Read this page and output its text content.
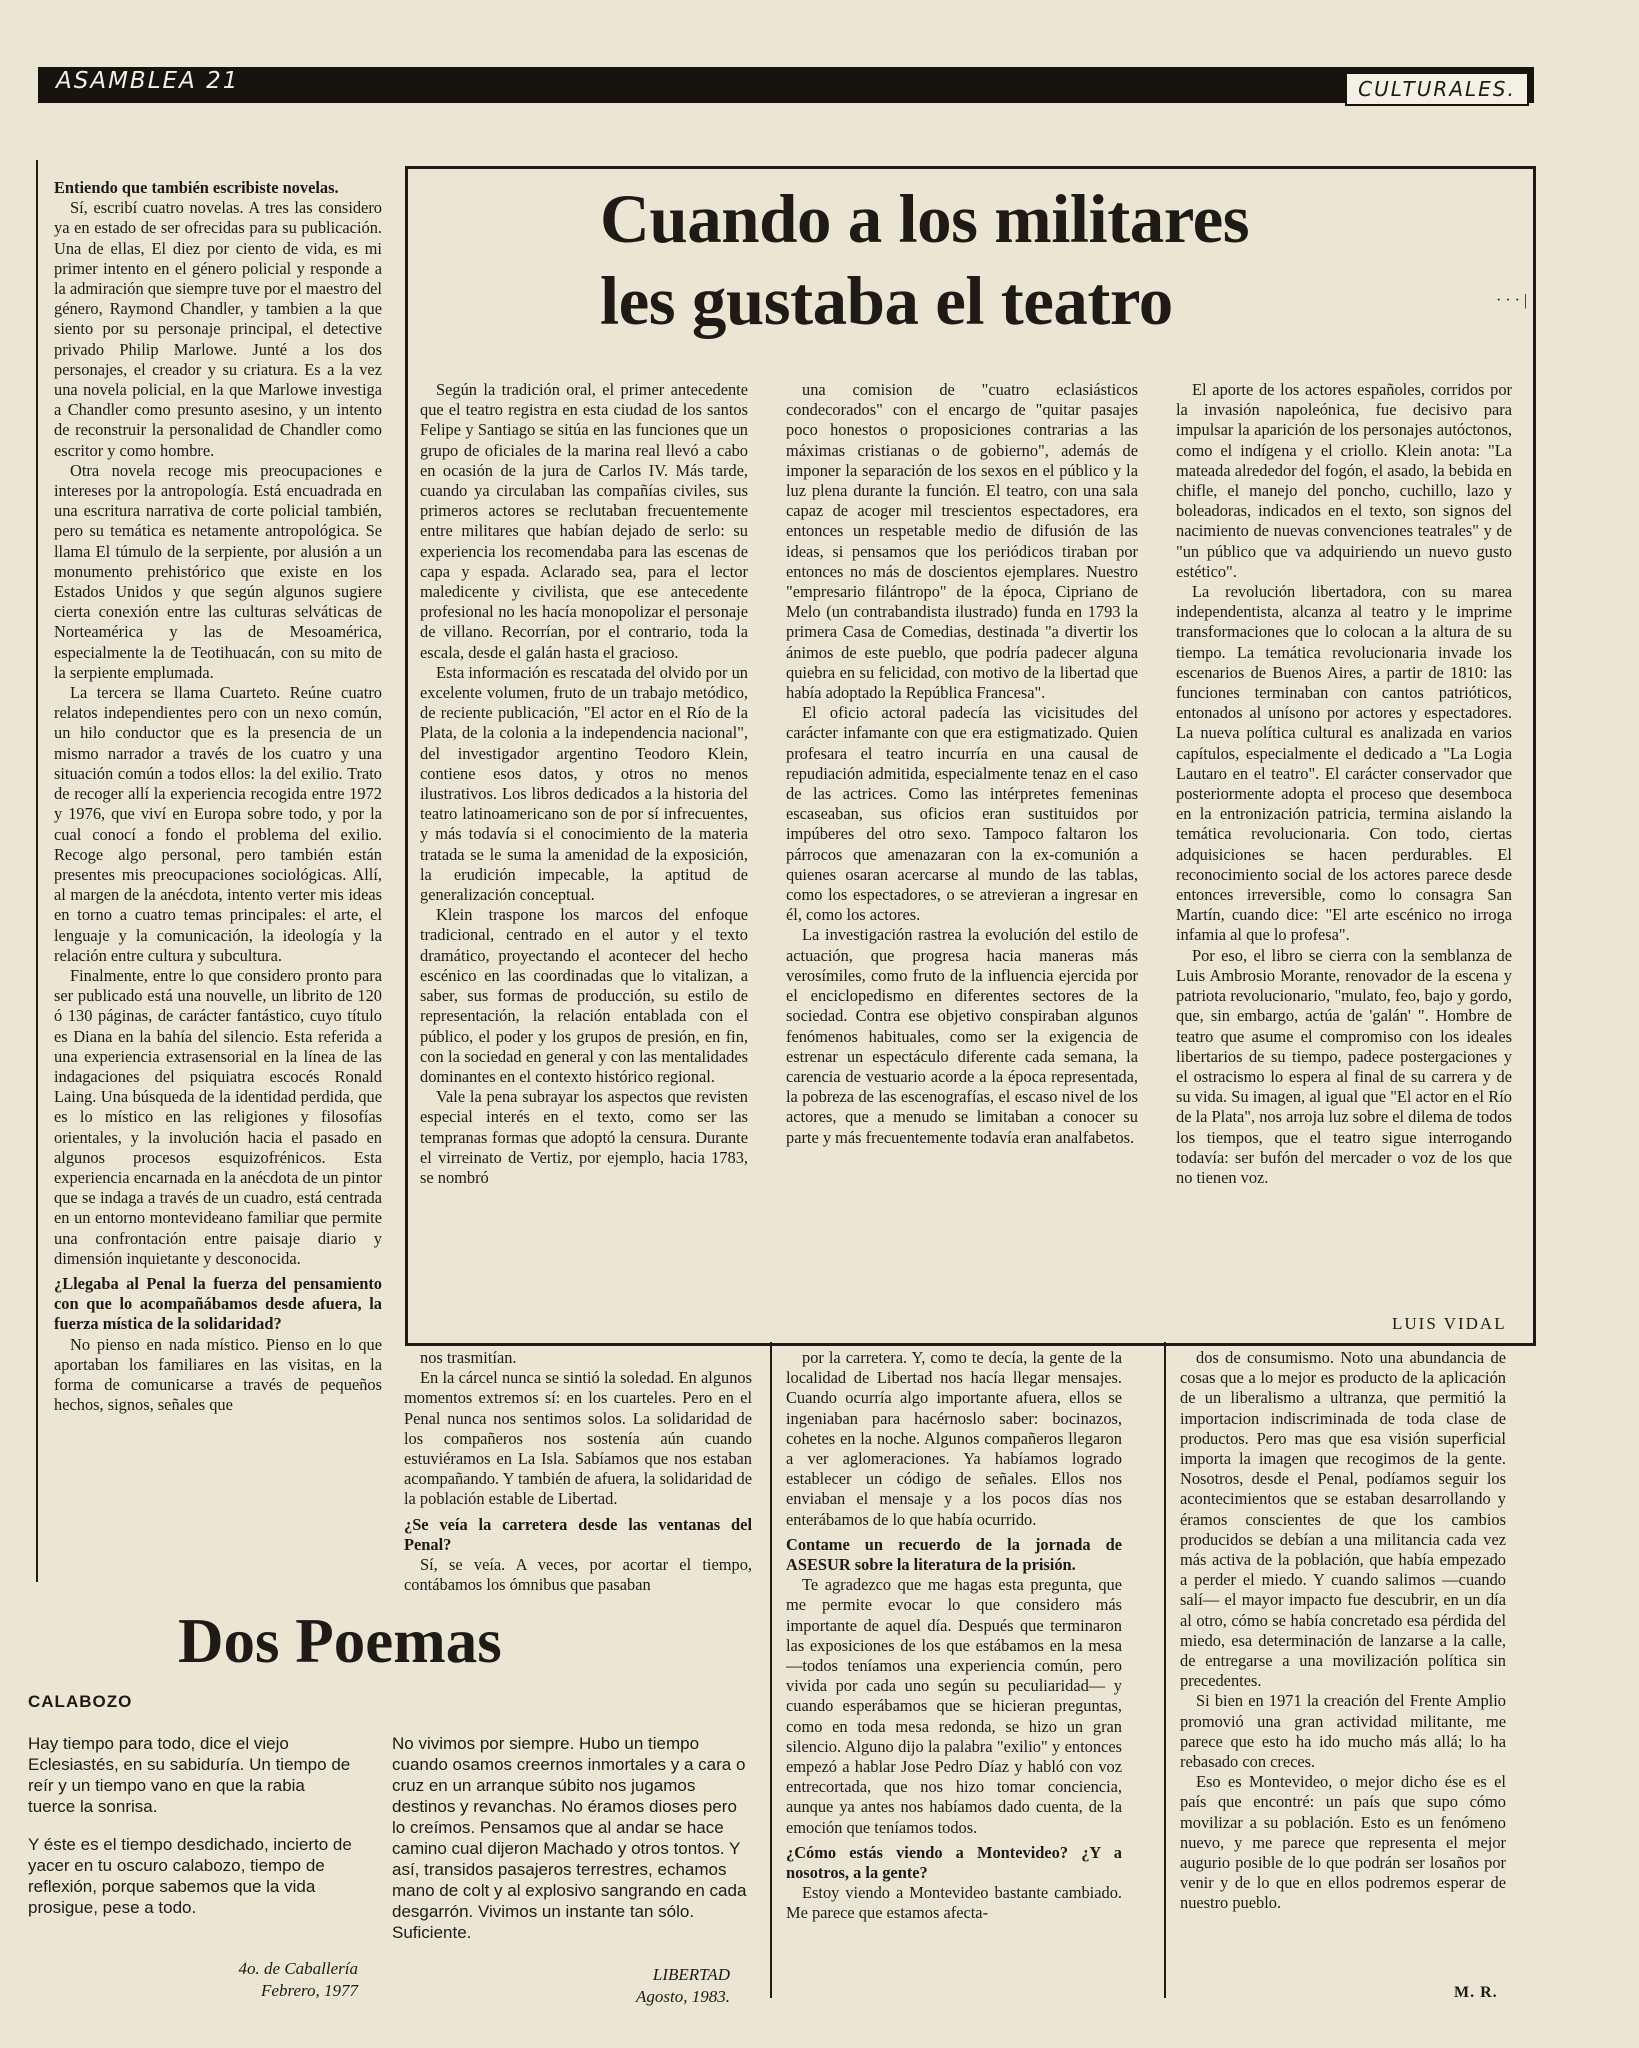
ASAMBLEA 21	CULTURALES.

Entiendo que también escribiste novelas.

Sí, escribí cuatro novelas. A tres las considero ya en estado de ser ofrecidas para su publicación. Una de ellas, El diez por ciento de vida, es mi primer intento en el género policial y responde a la admiración que siempre tuve por el maestro del género, Raymond Chandler, y tambien a la que siento por su personaje principal, el detective privado Philip Marlowe. Junté a los dos personajes, el creador y su criatura. Es a la vez una novela policial, en la que Marlowe investiga a Chandler como presunto asesino, y un intento de reconstruir la personalidad de Chandler como escritor y como hombre.

Otra novela recoge mis preocupaciones e intereses por la antropología. Está encuadrada en una escritura narrativa de corte policial también, pero su temática es netamente antropológica. Se llama El túmulo de la serpiente, por alusión a un monumento prehistórico que existe en los Estados Unidos y que según algunos sugiere cierta conexión entre las culturas selváticas de Norteamérica y las de Mesoamérica, especialmente la de Teotihuacán, con su mito de la serpiente emplumada.

La tercera se llama Cuarteto. Reúne cuatro relatos independientes pero con un nexo común, un hilo conductor que es la presencia de un mismo narrador a través de los cuatro y una situación común a todos ellos: la del exilio. Trato de recoger allí la experiencia recogida entre 1972 y 1976, que viví en Europa sobre todo, y por la cual conocí a fondo el problema del exilio. Recoge algo personal, pero también están presentes mis preocupaciones sociológicas. Allí, al margen de la anécdota, intento verter mis ideas en torno a cuatro temas principales: el arte, el lenguaje y la comunicación, la ideología y la relación entre cultura y subcultura.

Finalmente, entre lo que considero pronto para ser publicado está una nouvelle, un librito de 120 ó 130 páginas, de carácter fantástico, cuyo título es Diana en la bahía del silencio. Esta referida a una experiencia extrasensorial en la línea de las indagaciones del psiquiatra escocés Ronald Laing. Una búsqueda de la identidad perdida, que es lo místico en las religiones y filosofías orientales, y la involución hacia el pasado en algunos procesos esquizofrénicos. Esta experiencia encarnada en la anécdota de un pintor que se indaga a través de un cuadro, está centrada en un entorno montevideano familiar que permite una confrontación entre paisaje diario y dimensión inquietante y desconocida.

¿Llegaba al Penal la fuerza del pensamiento con que lo acompañábamos desde afuera, la fuerza mística de la solidaridad?

No pienso en nada místico. Pienso en lo que aportaban los familiares en las visitas, en la forma de comunicarse a través de pequeños hechos, signos, señales que

Cuando a los militares
les gustaba el teatro	· · · |

Según la tradición oral, el primer antecedente que el teatro registra en esta ciudad de los santos Felipe y Santiago se sitúa en las funciones que un grupo de oficiales de la marina real llevó a cabo en ocasión de la jura de Carlos IV. Más tarde, cuando ya circulaban las compañías civiles, sus primeros actores se reclutaban frecuentemente entre militares que habían dejado de serlo: su experiencia los recomendaba para las escenas de capa y espada. Aclarado sea, para el lector maledicente y civilista, que ese antecedente profesional no les hacía monopolizar el personaje de villano. Recorrían, por el contrario, toda la escala, desde el galán hasta el gracioso.

Esta información es rescatada del olvido por un excelente volumen, fruto de un trabajo metódico, de reciente publicación, "El actor en el Río de la Plata, de la colonia a la independencia nacional", del investigador argentino Teodoro Klein, contiene esos datos, y otros no menos ilustrativos. Los libros dedicados a la historia del teatro latinoamericano son de por sí infrecuentes, y más todavía si el conocimiento de la materia tratada se le suma la amenidad de la exposición, la erudición impecable, la aptitud de generalización conceptual.

Klein traspone los marcos del enfoque tradicional, centrado en el autor y el texto dramático, proyectando el acontecer del hecho escénico en las coordinadas que lo vitalizan, a saber, sus formas de producción, su estilo de representación, la relación entablada con el público, el poder y los grupos de presión, en fin, con la sociedad en general y con las mentalidades dominantes en el contexto histórico regional.

Vale la pena subrayar los aspectos que revisten especial interés en el texto, como ser las tempranas formas que adoptó la censura. Durante el virreinato de Vertiz, por ejemplo, hacia 1783, se nombró

una comision de "cuatro eclasiásticos condecorados" con el encargo de "quitar pasajes poco honestos o proposiciones contrarias a las máximas cristianas o de gobierno", además de imponer la separación de los sexos en el público y la luz plena durante la función. El teatro, con una sala capaz de acoger mil trescientos espectadores, era entonces un respetable medio de difusión de las ideas, si pensamos que los periódicos tiraban por entonces no más de doscientos ejemplares. Nuestro "empresario filántropo" de la época, Cipriano de Melo (un contrabandista ilustrado) funda en 1793 la primera Casa de Comedias, destinada "a divertir los ánimos de este pueblo, que podría padecer alguna quiebra en su felicidad, con motivo de la libertad que había adoptado la República Francesa".

El oficio actoral padecía las vicisitudes del carácter infamante con que era estigmatizado. Quien profesara el teatro incurría en una causal de repudiación admitida, especialmente tenaz en el caso de las actrices. Como las intérpretes femeninas escaseaban, sus oficios eran sustituidos por impúberes del otro sexo. Tampoco faltaron los párrocos que amenazaran con la ex-comunión a quienes osaran acercarse al mundo de las tablas, como los espectadores, o se atrevieran a ingresar en él, como los actores.

La investigación rastrea la evolución del estilo de actuación, que progresa hacia maneras más verosímiles, como fruto de la influencia ejercida por el enciclopedismo en diferentes sectores de la sociedad. Contra ese objetivo conspiraban algunos fenómenos habituales, como ser la exigencia de estrenar un espectáculo diferente cada semana, la carencia de vestuario acorde a la época representada, la pobreza de las escenografías, el escaso nivel de los actores, que a menudo se limitaban a conocer su parte y más frecuentemente todavía eran analfabetos.

El aporte de los actores españoles, corridos por la invasión napoleónica, fue decisivo para impulsar la aparición de los personajes autóctonos, como el indígena y el criollo. Klein anota: "La mateada alrededor del fogón, el asado, la bebida en chifle, el manejo del poncho, cuchillo, lazo y boleadoras, indicados en el texto, son signos del nacimiento de nuevas convenciones teatrales" y de "un público que va adquiriendo un nuevo gusto estético".

La revolución libertadora, con su marea independentista, alcanza al teatro y le imprime transformaciones que lo colocan a la altura de su tiempo. La temática revolucionaria invade los escenarios de Buenos Aires, a partir de 1810: las funciones terminaban con cantos patrióticos, entonados al unísono por actores y espectadores. La nueva política cultural es analizada en varios capítulos, especialmente el dedicado a "La Logia Lautaro en el teatro". El carácter conservador que posteriormente adopta el proceso que desemboca en la entronización patricia, termina aislando la temática revolucionaria. Con todo, ciertas adquisiciones se hacen perdurables. El reconocimiento social de los actores parece desde entonces irreversible, como lo consagra San Martín, cuando dice: "El arte escénico no irroga infamia al que lo profesa".

Por eso, el libro se cierra con la semblanza de Luis Ambrosio Morante, renovador de la escena y patriota revolucionario, "mulato, feo, bajo y gordo, que, sin embargo, actúa de 'galán' ". Hombre de teatro que asume el compromiso con los ideales libertarios de su tiempo, padece postergaciones y el ostracismo lo espera al final de su carrera y de su vida. Su imagen, al igual que "El actor en el Río de la Plata", nos arroja luz sobre el dilema de todos los tiempos, que el teatro sigue interrogando todavía: ser bufón del mercader o voz de los que no tienen voz.

LUIS VIDAL

nos trasmitían.

En la cárcel nunca se sintió la soledad. En algunos momentos extremos sí: en los cuarteles. Pero en el Penal nunca nos sentimos solos. La solidaridad de los compañeros nos sostenía aún cuando estuviéramos en La Isla. Sabíamos que nos estaban acompañando. Y también de afuera, la solidaridad de la población estable de Libertad.

¿Se veía la carretera desde las ventanas del Penal?

Sí, se veía. A veces, por acortar el tiempo, contábamos los ómnibus que pasaban

por la carretera. Y, como te decía, la gente de la localidad de Libertad nos hacía llegar mensajes. Cuando ocurría algo importante afuera, ellos se ingeniaban para hacérnoslo saber: bocinazos, cohetes en la noche. Algunos compañeros llegaron a ver aglomeraciones. Ya habíamos logrado establecer un código de señales. Ellos nos enviaban el mensaje y a los pocos días nos enterábamos de lo que había ocurrido.

Contame un recuerdo de la jornada de ASESUR sobre la literatura de la prisión.

Te agradezco que me hagas esta pregunta, que me permite evocar lo que considero más importante de aquel día. Después que terminaron las exposiciones de los que estábamos en la mesa —todos teníamos una experiencia común, pero vivida por cada uno según su peculiaridad— y cuando esperábamos que se hicieran preguntas, como en toda mesa redonda, se hizo un gran silencio. Alguno dijo la palabra "exilio" y entonces empezó a hablar Jose Pedro Díaz y habló con voz entrecortada, que nos hizo tomar conciencia, aunque ya antes nos habíamos dado cuenta, de la emoción que teníamos todos.

¿Cómo estás viendo a Montevideo? ¿Y a nosotros, a la gente?

Estoy viendo a Montevideo bastante cambiado. Me parece que estamos afecta-

dos de consumismo. Noto una abundancia de cosas que a lo mejor es producto de la aplicación de un liberalismo a ultranza, que permitió la importacion indiscriminada de toda clase de productos. Pero mas que esa visión superficial importa la imagen que recogimos de la gente. Nosotros, desde el Penal, podíamos seguir los acontecimientos que se estaban desarrollando y éramos conscientes de que los cambios producidos se debían a una militancia cada vez más activa de la población, que había empezado a perder el miedo. Y cuando salimos —cuando salí— el mayor impacto fue descubrir, en un día al otro, cómo se había concretado esa pérdida del miedo, esa determinación de lanzarse a la calle, de entregarse a una movilización política sin precedentes.

Si bien en 1971 la creación del Frente Amplio promovió una gran actividad militante, me parece que esto ha ido mucho más allá; lo ha rebasado con creces.

Eso es Montevideo, o mejor dicho ése es el país que encontré: un país que supo cómo movilizar a su población. Esto es un fenómeno nuevo, y me parece que representa el mejor augurio posible de lo que podrán ser losaños por venir y de lo que en ellos podremos esperar de nuestro pueblo.

M. R.
Dos Poemas
CALABOZO

Hay tiempo para todo, dice el viejo Eclesiastés, en su sabiduría. Un tiempo de reír y un tiempo vano en que la rabia tuerce la sonrisa.

Y éste es el tiempo desdichado, incierto de yacer en tu oscuro calabozo, tiempo de reflexión, porque sabemos que la vida prosigue, pese a todo.

4o. de Caballería
Febrero, 1977

No vivimos por siempre. Hubo un tiempo cuando osamos creernos inmortales y a cara o cruz en un arranque súbito nos jugamos destinos y revanchas. No éramos dioses pero lo creímos. Pensamos que al andar se hace camino cual dijeron Machado y otros tontos. Y así, transidos pasajeros terrestres, echamos mano de colt y al explosivo sangrando en cada desgarrón. Vivimos un instante tan sólo. Suficiente.

LIBERTAD
Agosto, 1983.
